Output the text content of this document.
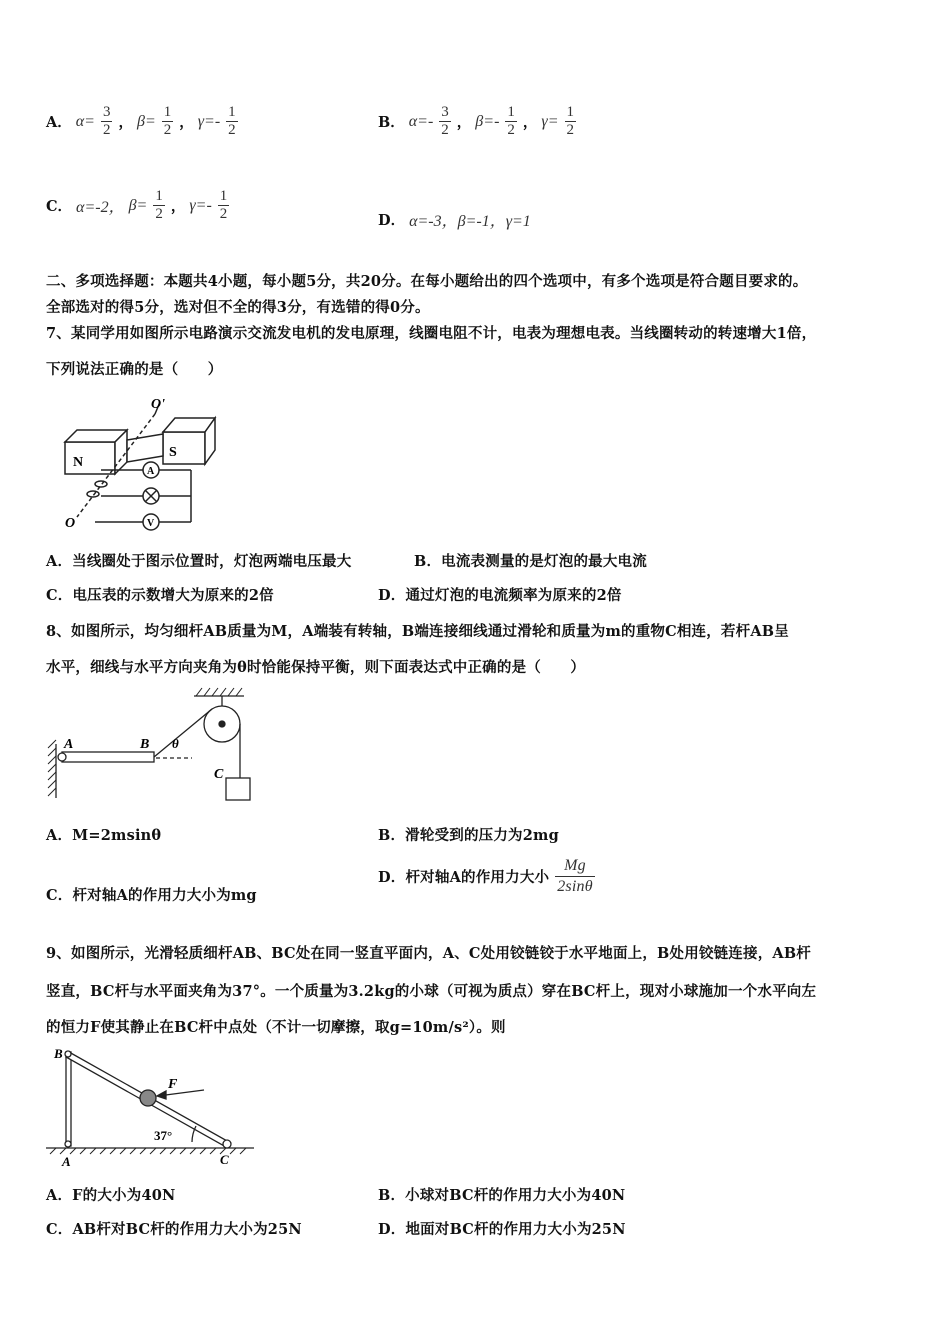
A． $\alpha= \frac{3}{2}$ ， $\beta= \frac{1}{2}$ ， $\gamma=- \frac{1}{2}$	B． $\alpha=- \frac{3}{2}$ ， $\beta=- \frac{1}{2}$ ， $\gamma= \frac{1}{2}$
C． α=-2， $\beta= \frac{1}{2}$ ， $\gamma=- \frac{1}{2}$	D． α=-3，β=-1，γ=1
二、多项选择题：本题共4小题，每小题5分，共20分。在每小题给出的四个选项中，有多个选项是符合题目要求的。
全部选对的得5分，选对但不全的得3分，有选错的得0分。
7、某同学用如图所示电路演示交流发电机的发电原理，线圈电阻不计，电表为理想电表。当线圈转动的转速增大1倍，
下列说法正确的是（　　）
N
S
O'
O
A
V
A．当线圈处于图示位置时，灯泡两端电压最大	B．电流表测量的是灯泡的最大电流
C．电压表的示数增大为原来的2倍	D．通过灯泡的电流频率为原来的2倍
8、如图所示，均匀细杆AB质量为M，A端装有转轴，B端连接细线通过滑轮和质量为m的重物C相连，若杆AB呈
水平，细线与水平方向夹角为θ时恰能保持平衡，则下面表达式中正确的是（　　）
A	B θ
C
A．M=2msinθ	B．滑轮受到的压力为2mg
C．杆对轴A的作用力大小为mg
D．杆对轴A的作用力大小 $\frac{Mg}{2\sin\theta}$
9、如图所示，光滑轻质细杆AB、BC处在同一竖直平面内，A、C处用铰链铰于水平地面上，B处用铰链连接，AB杆
竖直，BC杆与水平面夹角为37°。一个质量为3.2kg的小球（可视为质点）穿在BC杆上，现对小球施加一个水平向左
的恒力F使其静止在BC杆中点处（不计一切摩擦，取g=10m/s²）。则
B
A	C
F
37°
A．F的大小为40N	B．小球对BC杆的作用力大小为40N
C．AB杆对BC杆的作用力大小为25N	D．地面对BC杆的作用力大小为25N
